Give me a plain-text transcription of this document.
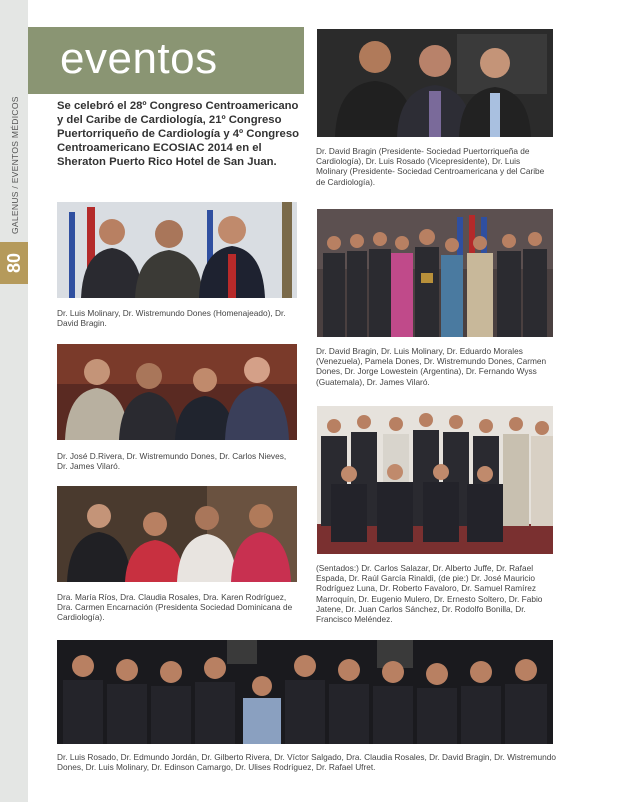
GALENUS / EVENTOS MÉDICOS
80
eventos
Se celebró el 28º Congreso Centroamericano y del Caribe de Cardiología, 21º Congreso Puertorriqueño de Cardiología y 4º Congreso Centroamericano ECOSIAC 2014 en el Sheraton Puerto Rico Hotel de San Juan.
Dr. David Bragin (Presidente- Sociedad Puertorriqueña de Cardiología), Dr. Luis Rosado (Vicepresidente), Dr. Luis Molinary (Presidente- Sociedad Centroamericana y del Caribe de Cardiología).
Dr. Luis Molinary, Dr. Wistremundo Dones (Homenajeado), Dr. David Bragin.
Dr. David Bragin, Dr. Luis Molinary, Dr. Eduardo Morales (Venezuela), Pamela Dones, Dr. Wistremundo Dones, Carmen Dones, Dr. Jorge Lowestein (Argentina), Dr. Fernando Wyss (Guatemala), Dr. James Vilaró.
Dr. José D.Rivera, Dr. Wistremundo Dones, Dr. Carlos Nieves, Dr. James Vilaró.
(Sentados:) Dr. Carlos Salazar, Dr. Alberto Juffe, Dr. Rafael Espada, Dr. Raúl García Rinaldi, (de pie:) Dr. José Mauricio Rodríguez Luna, Dr. Roberto Favaloro, Dr. Samuel Ramírez Marroquín, Dr. Eugenio Mulero, Dr. Ernesto Soltero, Dr. Fabio Jatene, Dr. Juan Carlos Sánchez, Dr. Rodolfo Bonilla, Dr. Francisco Meléndez.
Dra. María Ríos, Dra. Claudia Rosales, Dra. Karen Rodríguez, Dra. Carmen Encarnación (Presidenta Sociedad Dominicana de Cardiología).
Dr. Luis Rosado, Dr. Edmundo Jordán, Dr. Gilberto Rivera, Dr. Víctor Salgado, Dra. Claudia Rosales, Dr. David Bragin, Dr. Wistremundo Dones, Dr. Luis Molinary, Dr. Edinson Camargo, Dr. Ulises Rodríguez, Dr. Rafael Ufret.
